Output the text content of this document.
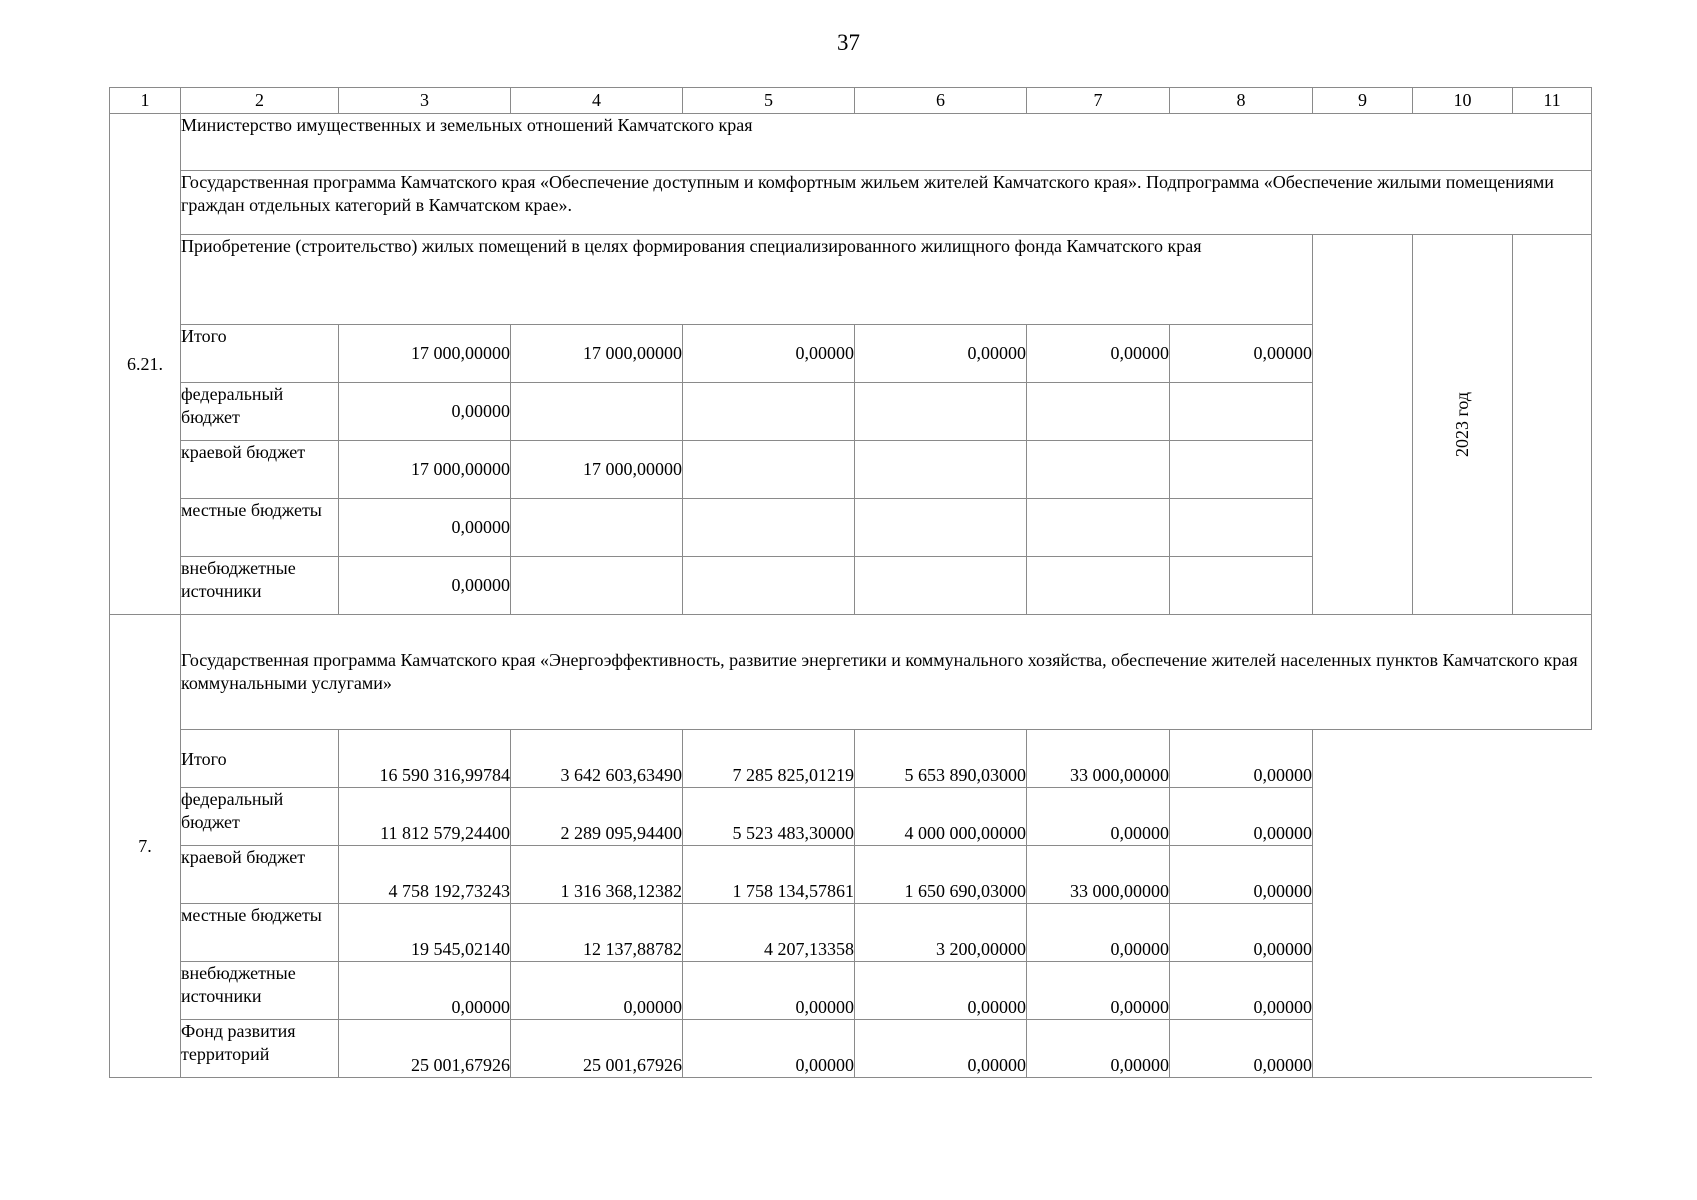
37
1	2	3	4	5	6	7	8	9	10	11
6.21.	Министерство имущественных и земельных отношений Камчатского края									
	Государственная программа Камчатского края «Обеспечение доступным и комфортным жильем жителей Камчатского края». Подпрограмма «Обеспечение жилыми помещениями граждан отдельных категорий в Камчатском крае».									
	Приобретение (строительство) жилых помещений в целях формирования специализированного жилищного фонда Камчатского края								2023 год	
	Итого	17 000,00000	17 000,00000	0,00000	0,00000	0,00000	0,00000			
	федеральный бюджет	0,00000								
	краевой бюджет	17 000,00000	17 000,00000							
	местные бюджеты	0,00000								
	внебюджетные источники	0,00000								
7.	Государственная программа Камчатского края «Энергоэффективность, развитие энергетики и коммунального хозяйства, обеспечение жителей населенных пунктов Камчатского края коммунальными услугами»									
	Итого	16 590 316,99784	3 642 603,63490	7 285 825,01219	5 653 890,03000	33 000,00000	0,00000			
	федеральный бюджет	11 812 579,24400	2 289 095,94400	5 523 483,30000	4 000 000,00000	0,00000	0,00000			
	краевой бюджет	4 758 192,73243	1 316 368,12382	1 758 134,57861	1 650 690,03000	33 000,00000	0,00000			
	местные бюджеты	19 545,02140	12 137,88782	4 207,13358	3 200,00000	0,00000	0,00000			
	внебюджетные источники	0,00000	0,00000	0,00000	0,00000	0,00000	0,00000			
	Фонд развития территорий	25 001,67926	25 001,67926	0,00000	0,00000	0,00000	0,00000			
